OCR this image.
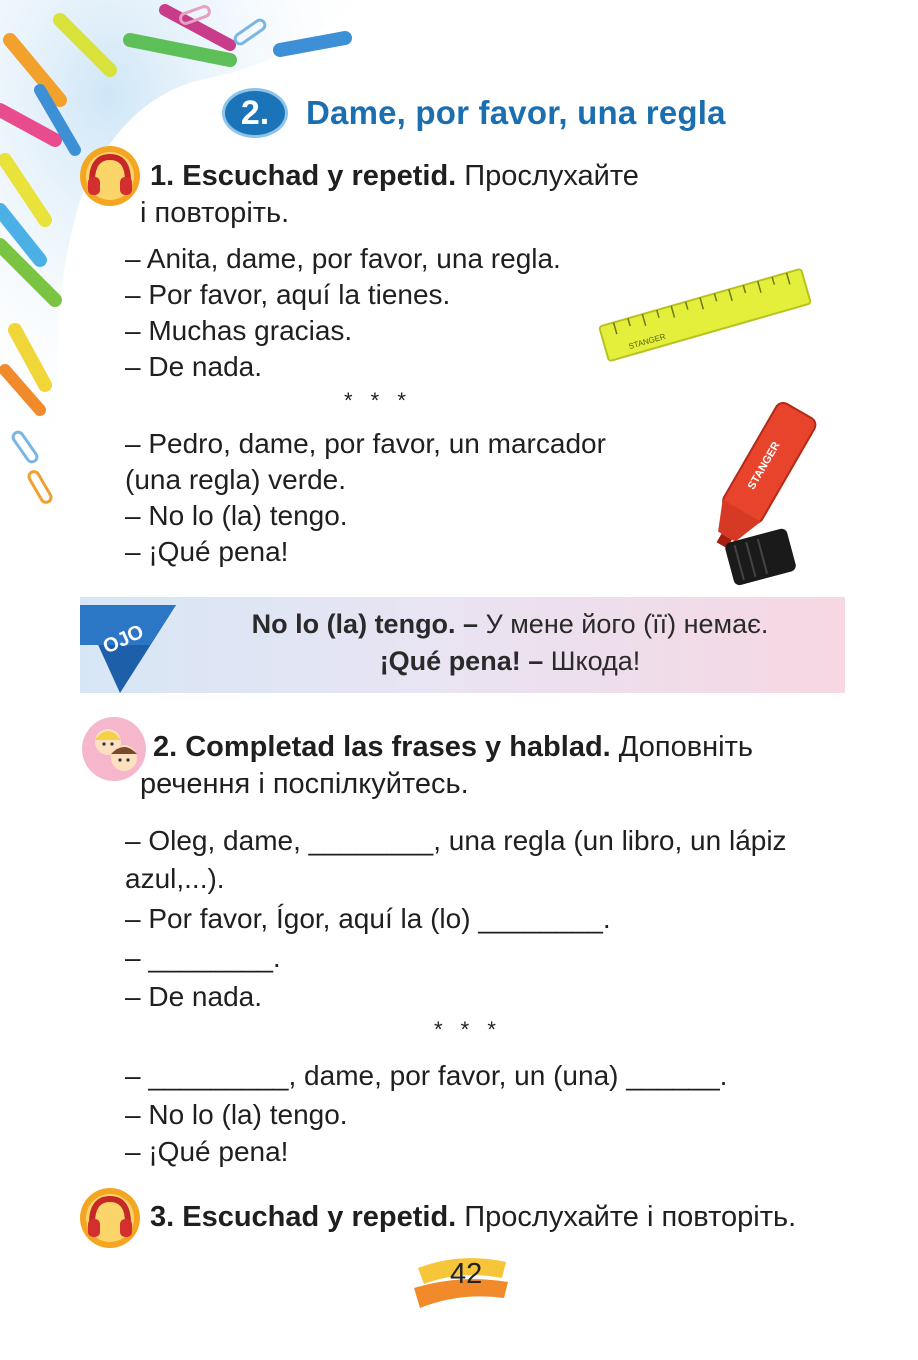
2.	Dame, por favor, una regla
1. Escuchad y repetid. Прослухайте
і повторіть.
– Anita, dame, por favor, una regla.
– Por favor, aquí la tienes.
– Muchas gracias.
– De nada.
* * *
– Pedro, dame, por favor, un marcador
(una regla) verde.
– No lo (la) tengo.
– ¡Qué pena!
STANGER
STANGER
OJO	No lo (la) tengo. – У мене його (її) немає.
¡Qué pena! – Шкода!
2. Completad las frases y hablad. Доповніть
речення і поспілкуйтесь.
– Oleg, dame, ________, una regla (un libro, un lápiz
azul,...).
– Por favor, Ígor, aquí la (lo) ________.
– ________.
– De nada.
* * *
– _________, dame, por favor, un (una) ______.
– No lo (la) tengo.
– ¡Qué pena!
3. Escuchad y repetid. Прослухайте і повторіть.
42
